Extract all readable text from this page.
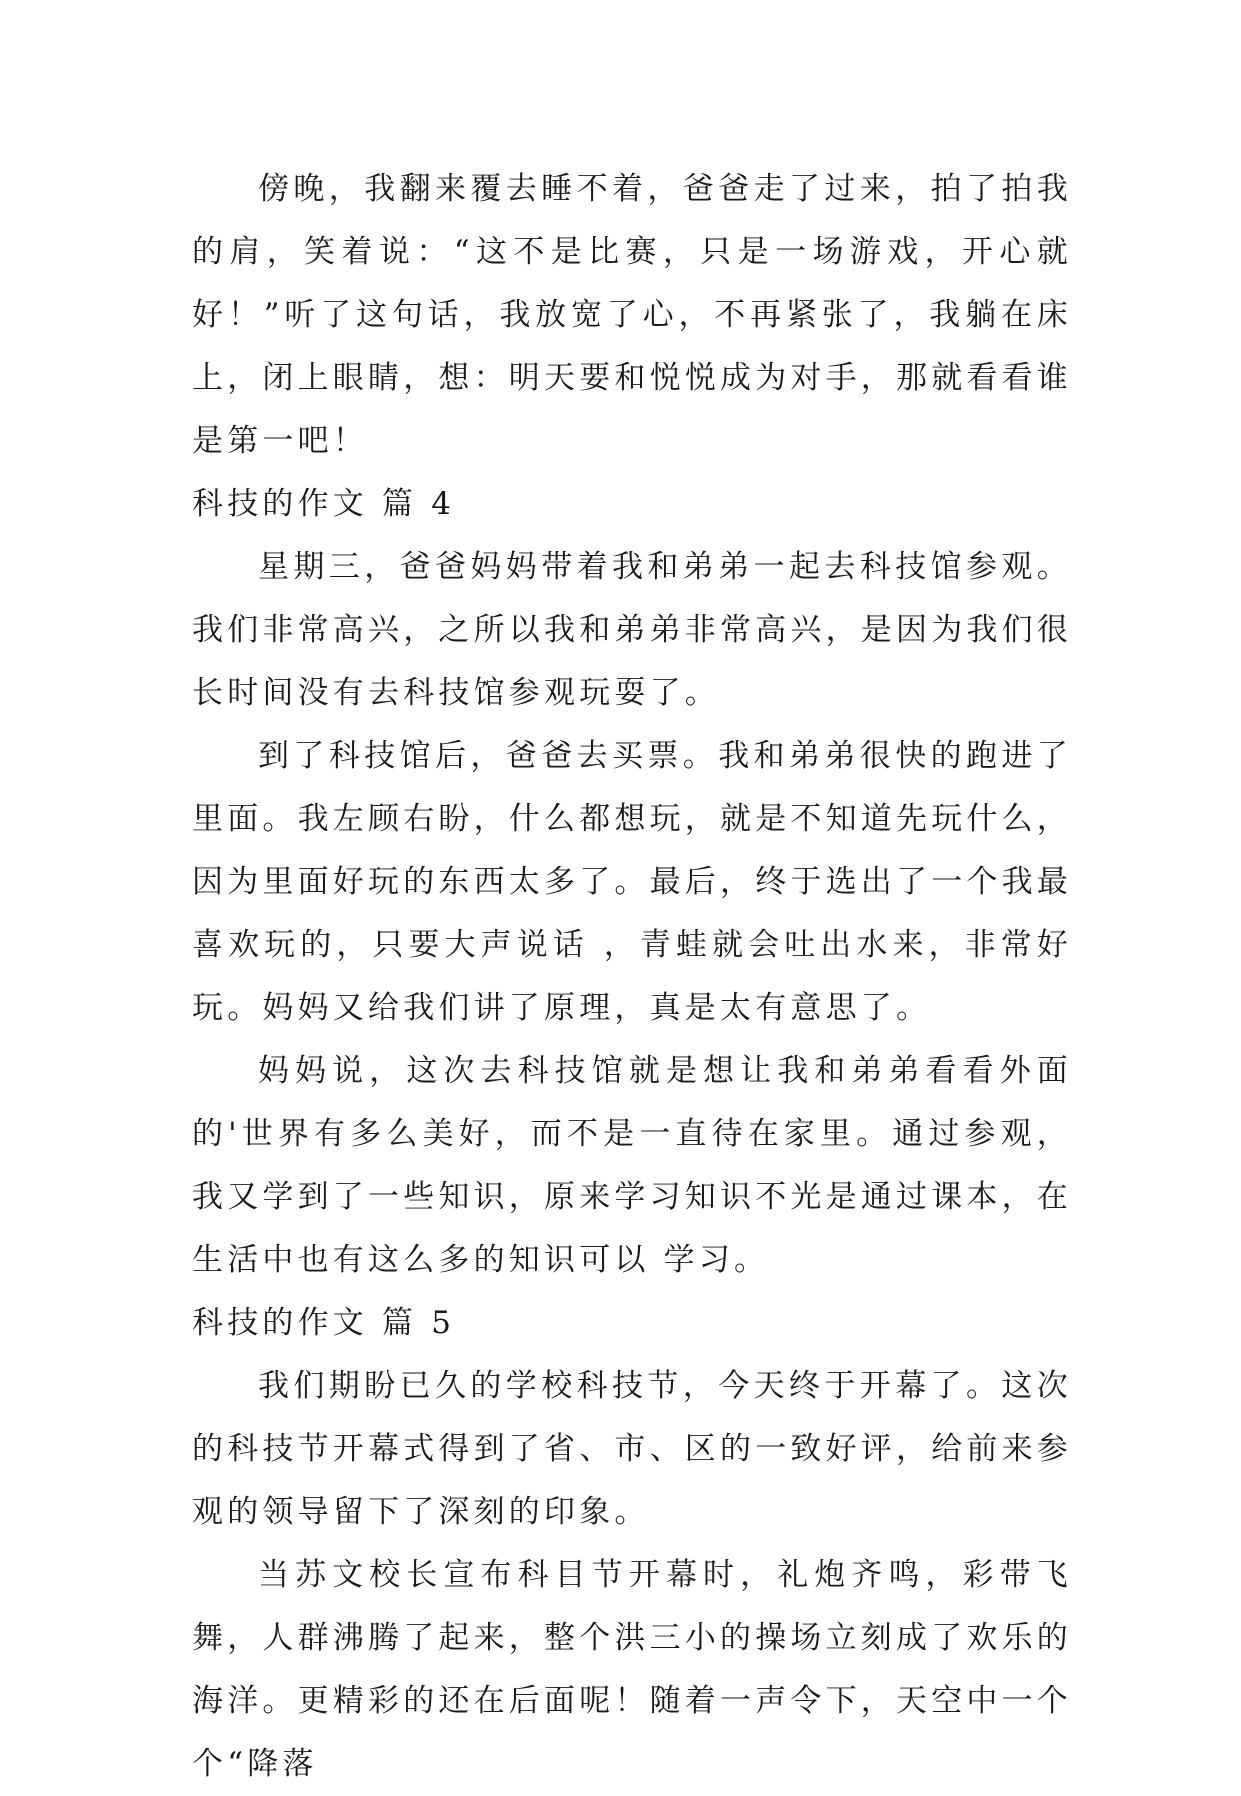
傍晚，我翻来覆去睡不着，爸爸走了过来，拍了拍我的肩，笑着说：“这不是比赛，只是一场游戏，开心就好！”听了这句话，我放宽了心，不再紧张了，我躺在床上，闭上眼睛，想：明天要和悦悦成为对手，那就看看谁是第一吧！

科技的作文 篇 4

星期三，爸爸妈妈带着我和弟弟一起去科技馆参观。我们非常高兴，之所以我和弟弟非常高兴，是因为我们很长时间没有去科技馆参观玩耍了。

到了科技馆后，爸爸去买票。我和弟弟很快的跑进了里面。我左顾右盼，什么都想玩，就是不知道先玩什么，因为里面好玩的东西太多了。最后，终于选出了一个我最喜欢玩的，只要大声说话 ，青蛙就会吐出水来，非常好玩。妈妈又给我们讲了原理，真是太有意思了。

妈妈说，这次去科技馆就是想让我和弟弟看看外面的'世界有多么美好，而不是一直待在家里。通过参观，我又学到了一些知识，原来学习知识不光是通过课本，在生活中也有这么多的知识可以 学习。

科技的作文 篇 5

我们期盼已久的学校科技节，今天终于开幕了。这次的科技节开幕式得到了省、市、区的一致好评，给前来参观的领导留下了深刻的印象。

当苏文校长宣布科目节开幕时，礼炮齐鸣，彩带飞舞，人群沸腾了起来，整个洪三小的操场立刻成了欢乐的海洋。更精彩的还在后面呢！随着一声令下，天空中一个个“降落
